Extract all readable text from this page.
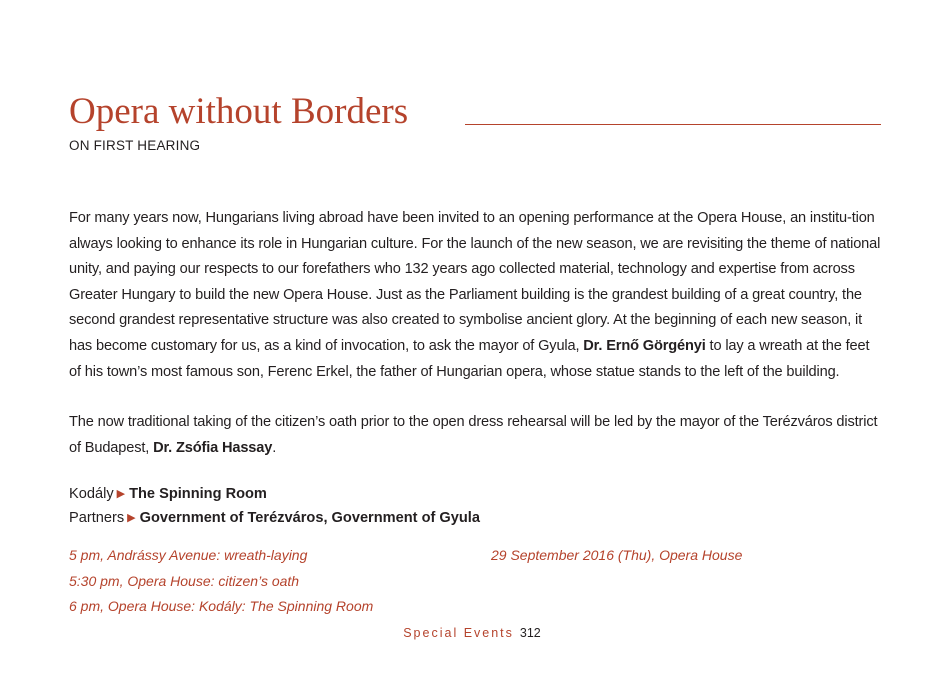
Opera without Borders
ON FIRST HEARING

For many years now, Hungarians living abroad have been invited to an opening performance at the Opera House, an institu-tion always looking to enhance its role in Hungarian culture. For the launch of the new season, we are revisiting the theme of national unity, and paying our respects to our forefathers who 132 years ago collected material, technology and expertise from across Greater Hungary to build the new Opera House. Just as the Parliament building is the grandest building of a great country, the second grandest representative structure was also created to symbolise ancient glory. At the beginning of each new season, it has become customary for us, as a kind of invocation, to ask the mayor of Gyula, Dr. Ernő Görgényi to lay a wreath at the feet of his town’s most famous son, Ferenc Erkel, the father of Hungarian opera, whose statue stands to the left of the building.

The now traditional taking of the citizen’s oath prior to the open dress rehearsal will be led by the mayor of the Terézváros district of Budapest, Dr. Zsófia Hassay.

Kodály ▶ The Spinning Room
Partners ▶ Government of Terézváros, Government of Gyula
5 pm, Andrássy Avenue: wreath-laying
5:30 pm, Opera House: citizen’s oath
6 pm, Opera House: Kodály: The Spinning Room
29 September 2016 (Thu), Opera House
Special Events 312
